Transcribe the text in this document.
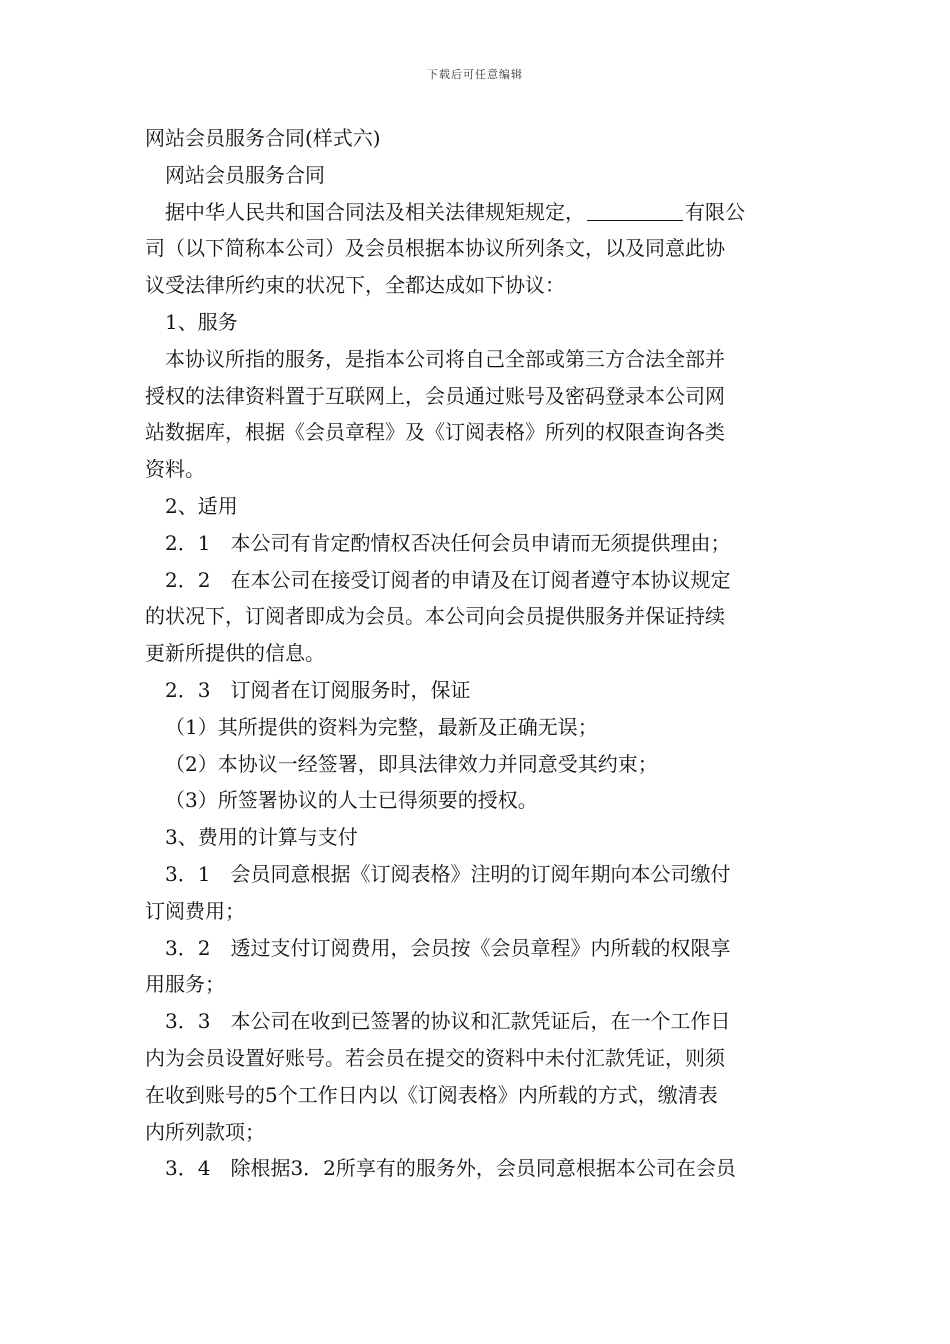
下载后可任意编辑
网站会员服务合同(样式六)
网站会员服务合同
据中华人民共和国合同法及相关法律规矩规定，	有限公
司（以下简称本公司）及会员根据本协议所列条文，以及同意此协
议受法律所约束的状况下，全都达成如下协议：
1、服务
本协议所指的服务，是指本公司将自己全部或第三方合法全部并
授权的法律资料置于互联网上，会员通过账号及密码登录本公司网
站数据库，根据《会员章程》及《订阅表格》所列的权限查询各类
资料。
2、适用
2．1　本公司有肯定酌情权否决任何会员申请而无须提供理由；
2．2　在本公司在接受订阅者的申请及在订阅者遵守本协议规定
的状况下，订阅者即成为会员。本公司向会员提供服务并保证持续
更新所提供的信息。
2．3　订阅者在订阅服务时，保证
（1）其所提供的资料为完整，最新及正确无误；
（2）本协议一经签署，即具法律效力并同意受其约束；
（3）所签署协议的人士已得须要的授权。
3、费用的计算与支付
3．1　会员同意根据《订阅表格》注明的订阅年期向本公司缴付
订阅费用；
3．2　透过支付订阅费用，会员按《会员章程》内所载的权限享
用服务；
3．3　本公司在收到已签署的协议和汇款凭证后，在一个工作日
内为会员设置好账号。若会员在提交的资料中未付汇款凭证，则须
在收到账号的5个工作日内以《订阅表格》内所载的方式，缴清表
内所列款项；
3．4　除根据3．2所享有的服务外，会员同意根据本公司在会员
